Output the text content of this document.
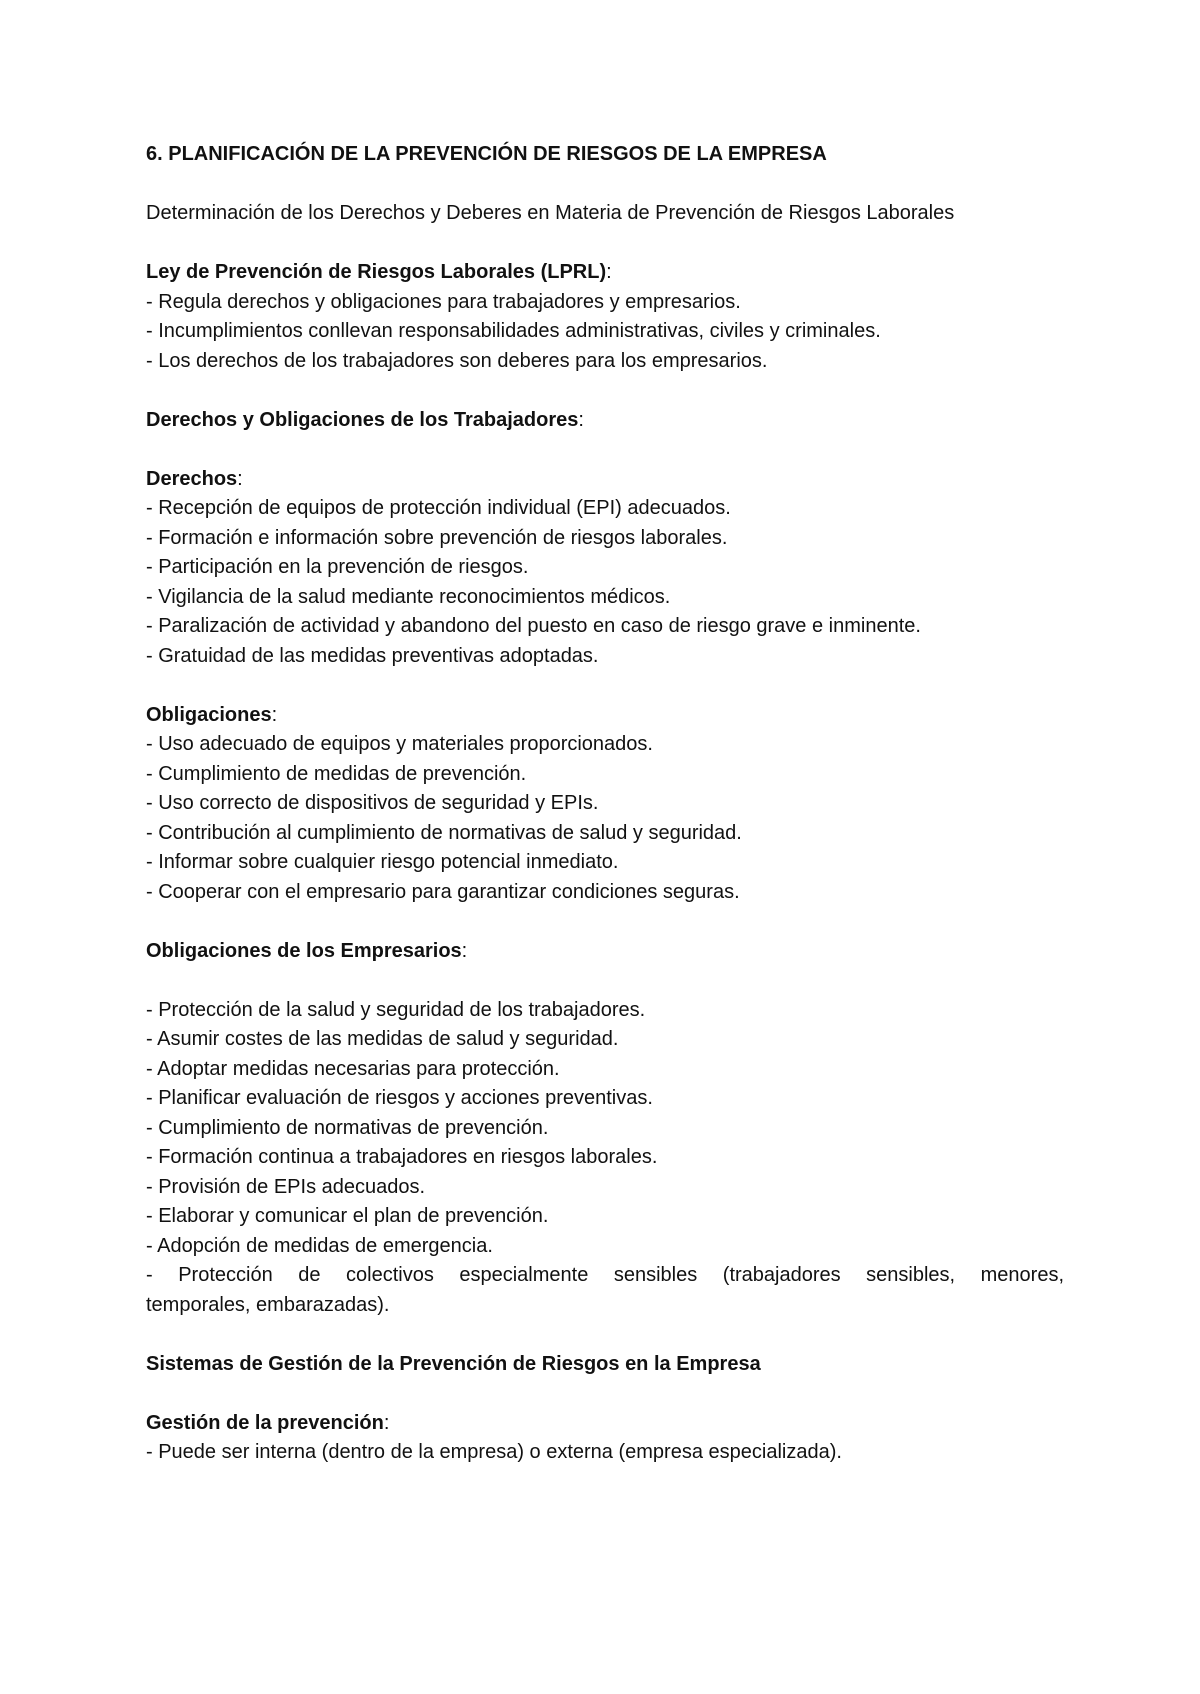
6. PLANIFICACIÓN DE LA PREVENCIÓN DE RIESGOS DE LA EMPRESA
Determinación de los Derechos y Deberes en Materia de Prevención de Riesgos Laborales
Ley de Prevención de Riesgos Laborales (LPRL):
- Regula derechos y obligaciones para trabajadores y empresarios.
- Incumplimientos conllevan responsabilidades administrativas, civiles y criminales.
- Los derechos de los trabajadores son deberes para los empresarios.
Derechos y Obligaciones de los Trabajadores:
Derechos:
- Recepción de equipos de protección individual (EPI) adecuados.
- Formación e información sobre prevención de riesgos laborales.
- Participación en la prevención de riesgos.
- Vigilancia de la salud mediante reconocimientos médicos.
- Paralización de actividad y abandono del puesto en caso de riesgo grave e inminente.
- Gratuidad de las medidas preventivas adoptadas.
Obligaciones:
- Uso adecuado de equipos y materiales proporcionados.
- Cumplimiento de medidas de prevención.
- Uso correcto de dispositivos de seguridad y EPIs.
- Contribución al cumplimiento de normativas de salud y seguridad.
- Informar sobre cualquier riesgo potencial inmediato.
- Cooperar con el empresario para garantizar condiciones seguras.
Obligaciones de los Empresarios:
- Protección de la salud y seguridad de los trabajadores.
- Asumir costes de las medidas de salud y seguridad.
- Adoptar medidas necesarias para protección.
- Planificar evaluación de riesgos y acciones preventivas.
- Cumplimiento de normativas de prevención.
- Formación continua a trabajadores en riesgos laborales.
- Provisión de EPIs adecuados.
- Elaborar y comunicar el plan de prevención.
- Adopción de medidas de emergencia.
- Protección de colectivos especialmente sensibles (trabajadores sensibles, menores,
temporales, embarazadas).
Sistemas de Gestión de la Prevención de Riesgos en la Empresa
Gestión de la prevención:
- Puede ser interna (dentro de la empresa) o externa (empresa especializada).
